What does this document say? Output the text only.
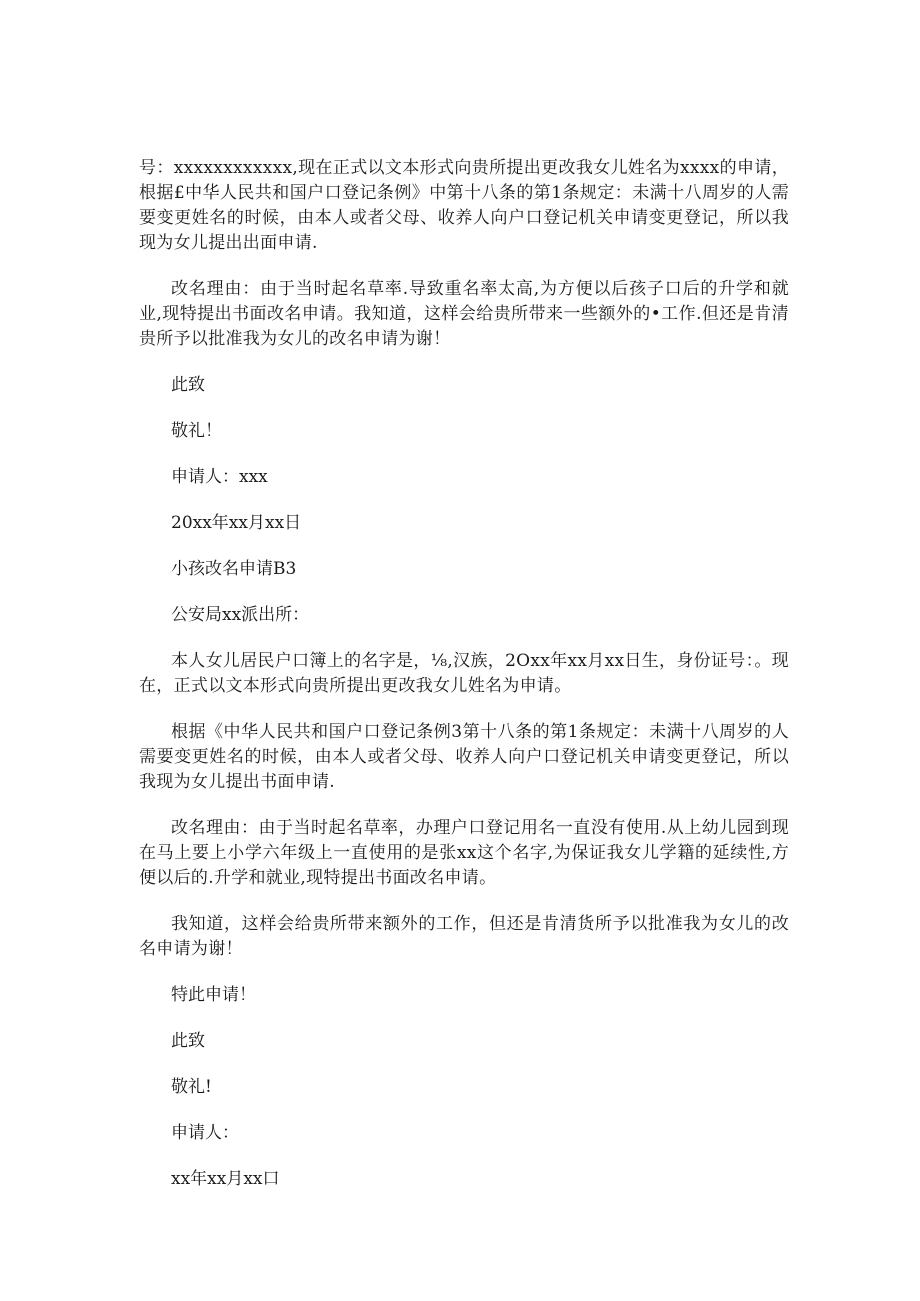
号：xxxxxxxxxxxx,现在正式以文本形式向贵所提出更改我女儿姓名为xxxx的申请，根据£中华人民共和国户口登记条例》中第十八条的第1条规定：未满十八周岁的人需要变更姓名的时候，由本人或者父母、收养人向户口登记机关申请变更登记，所以我现为女儿提出出面申请.

改名理由：由于当时起名草率.导致重名率太高,为方便以后孩子口后的升学和就业,现特提出书面改名申请。我知道，这样会给贵所带来一些额外的•工作.但还是肯清贵所予以批准我为女儿的改名申请为谢！

此致

敬礼！

申请人：xxx

20xx年xx月xx日

小孩改名申请B3

公安局xx派出所：

本人女儿居民户口簿上的名字是，⅛,汉族，2Oxx年xx月xx日生，身份证号：。现在，正式以文本形式向贵所提出更改我女儿姓名为申请。

根据《中华人民共和国户口登记条例3第十八条的第1条规定：未满十八周岁的人需要变更姓名的时候，由本人或者父母、收养人向户口登记机关申请变更登记，所以我现为女儿提出书面申请.

改名理由：由于当时起名草率，办理户口登记用名一直没有使用.从上幼儿园到现在马上要上小学六年级上一直使用的是张xx这个名字,为保证我女儿学籍的延续性,方便以后的.升学和就业,现特提出书面改名申请。

我知道，这样会给贵所带来额外的工作，但还是肯清货所予以批准我为女儿的改名申请为谢！

特此申请！

此致

敬礼!

申请人：

xx年xx月xx口
